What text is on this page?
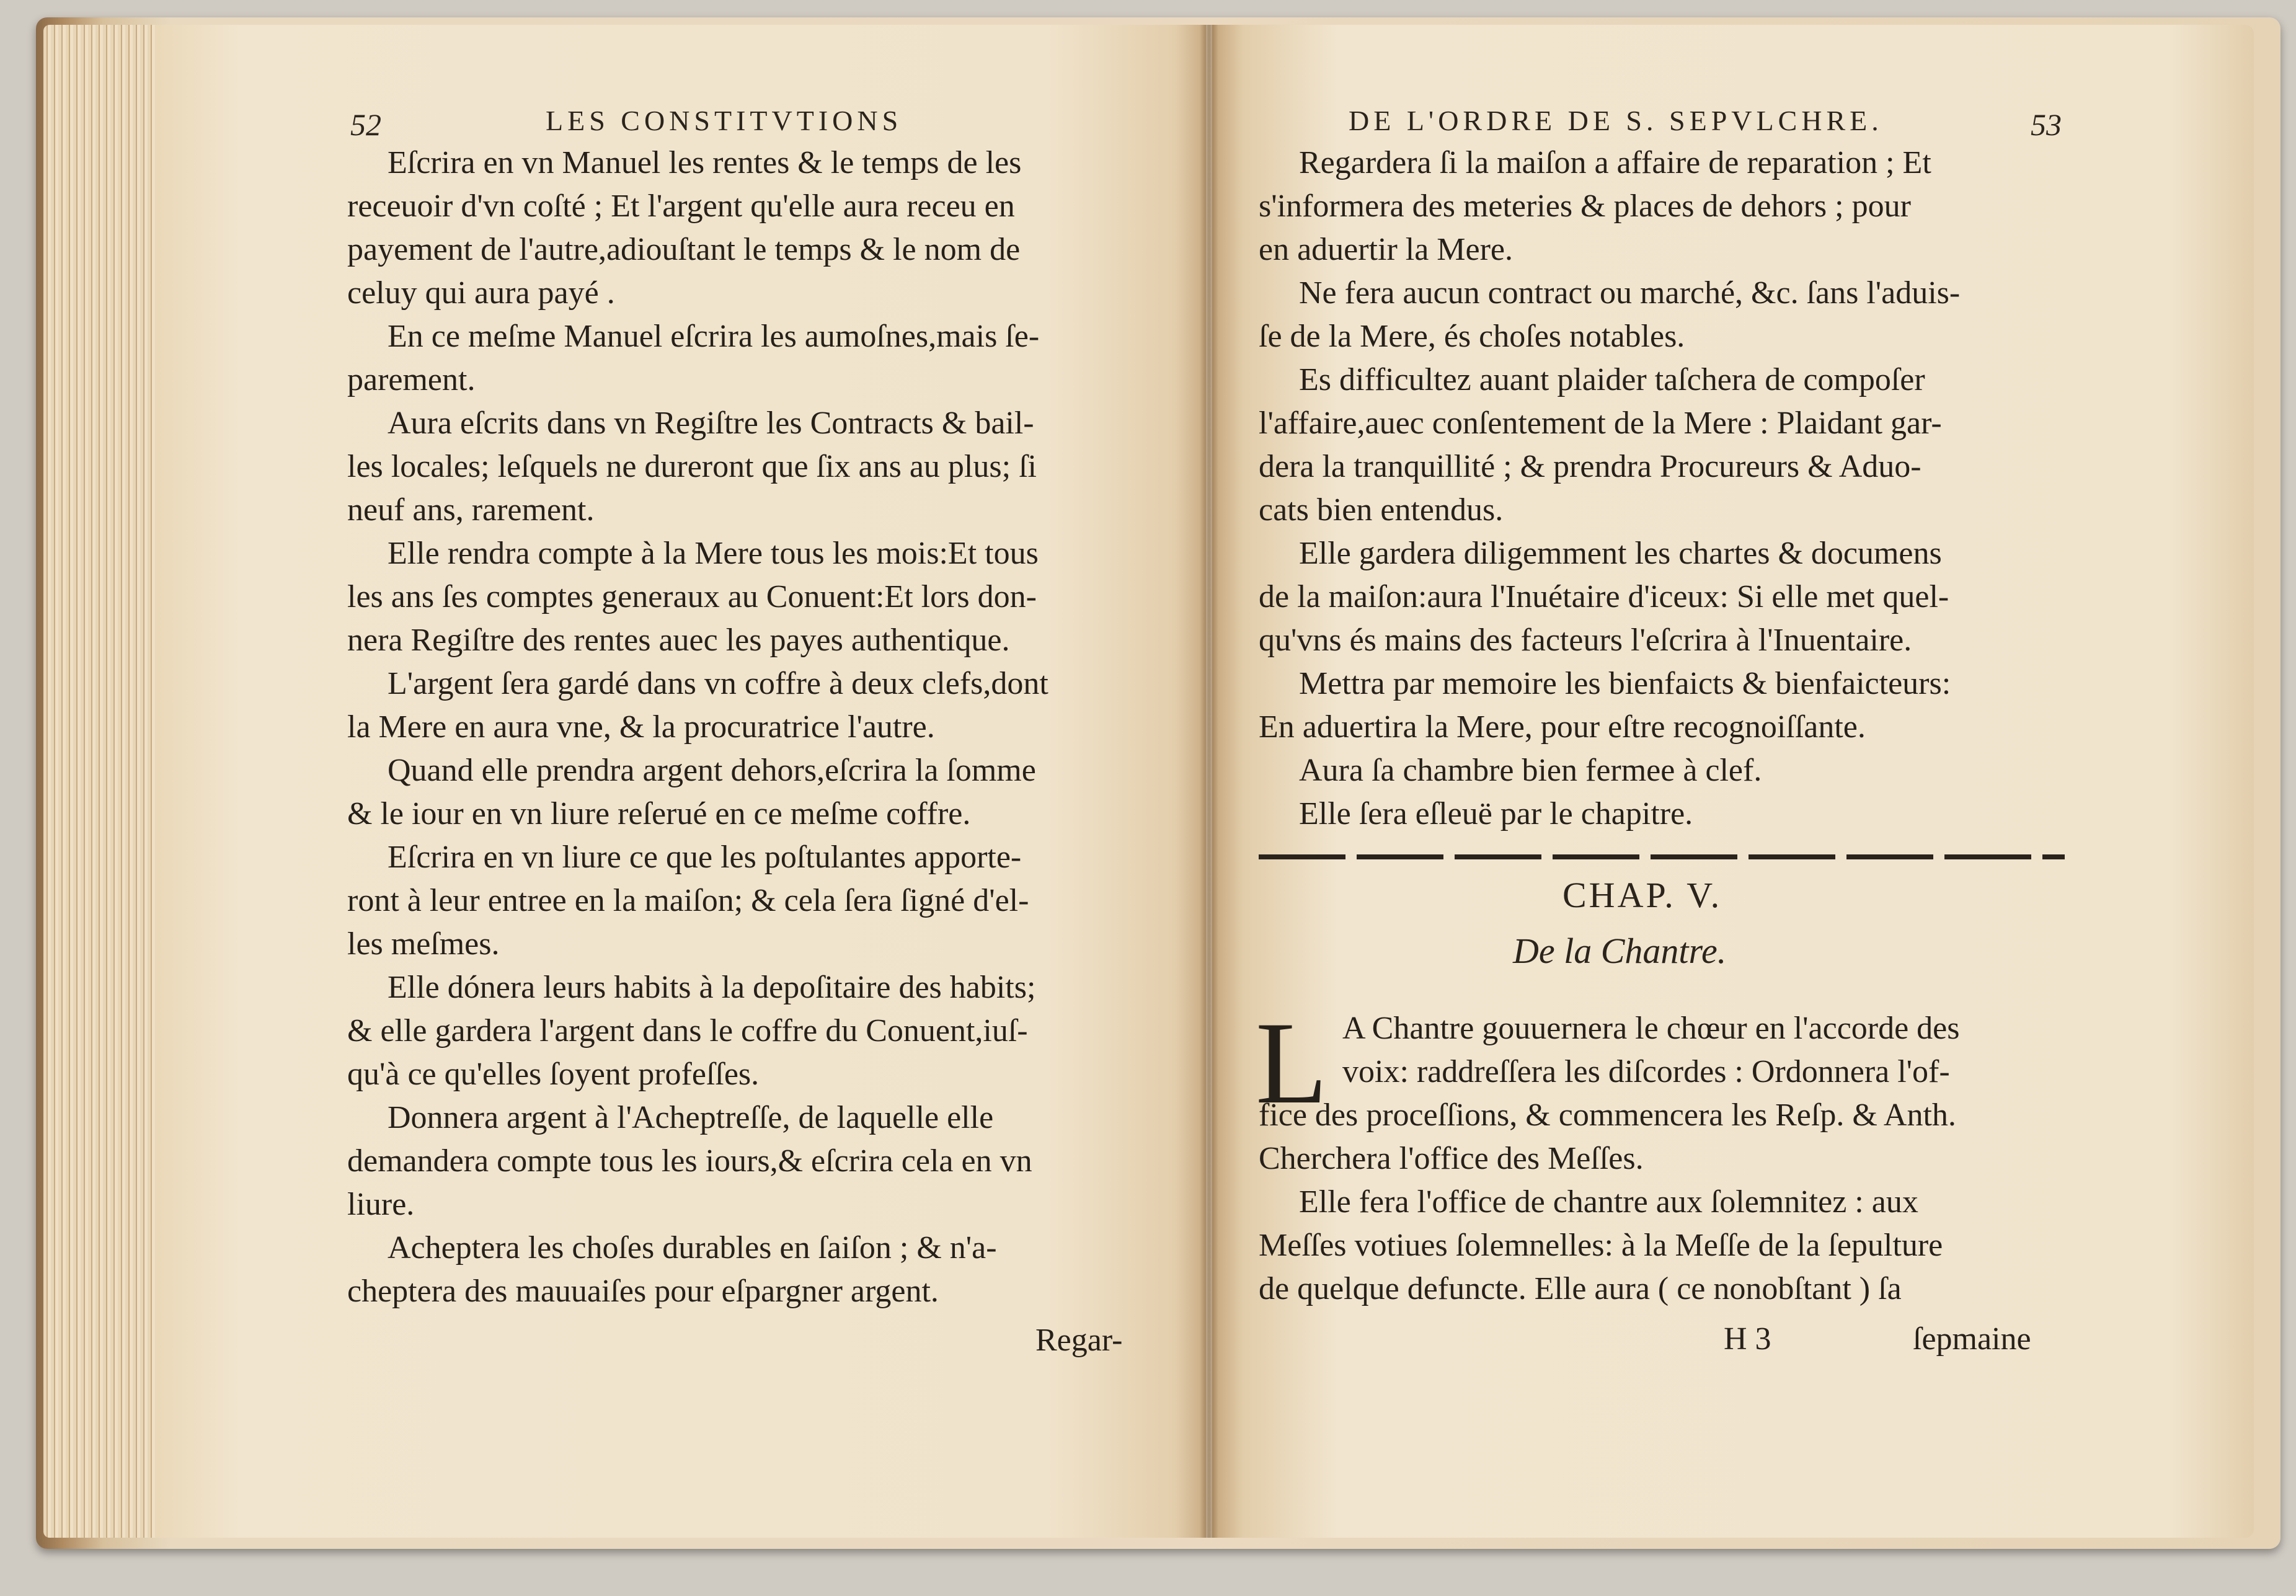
52	LES CONSTITVTIONS
Eſcrira en vn Manuel les rentes & le temps de les
receuoir d'vn coſté ; Et l'argent qu'elle aura receu en
payement de l'autre,adiouſtant le temps & le nom de
celuy qui aura payé .
En ce meſme Manuel eſcrira les aumoſnes,mais ſe-
parement.
Aura eſcrits dans vn Regiſtre les Contracts & bail-
les locales; leſquels ne dureront que ſix ans au plus; ſi
neuf ans, rarement.
Elle rendra compte à la Mere tous les mois:Et tous
les ans ſes comptes generaux au Conuent:Et lors don-
nera Regiſtre des rentes auec les payes authentique.
L'argent ſera gardé dans vn coffre à deux clefs,dont
la Mere en aura vne, & la procuratrice l'autre.
Quand elle prendra argent dehors,eſcrira la ſomme
& le iour en vn liure reſerué en ce meſme coffre.
Eſcrira en vn liure ce que les poſtulantes apporte-
ront à leur entree en la maiſon; & cela ſera ſigné d'el-
les meſmes.
Elle dónera leurs habits à la depoſitaire des habits;
& elle gardera l'argent dans le coffre du Conuent,iuſ-
qu'à ce qu'elles ſoyent profeſſes.
Donnera argent à l'Acheptreſſe, de laquelle elle
demandera compte tous les iours,& eſcrira cela en vn
liure.
Acheptera les choſes durables en ſaiſon ; & n'a-
cheptera des mauuaiſes pour eſpargner argent.
Regar-
DE L'ORDRE DE S. SEPVLCHRE.	53
Regardera ſi la maiſon a affaire de reparation ; Et
s'informera des meteries & places de dehors ; pour
en aduertir la Mere.
Ne fera aucun contract ou marché, &c. ſans l'aduis-
ſe de la Mere, és choſes notables.
Es difficultez auant plaider taſchera de compoſer
l'affaire,auec conſentement de la Mere : Plaidant gar-
dera la tranquillité ; & prendra Procureurs & Aduo-
cats bien entendus.
Elle gardera diligemment les chartes & documens
de la maiſon:aura l'Inuétaire d'iceux: Si elle met quel-
qu'vns és mains des facteurs l'eſcrira à l'Inuentaire.
Mettra par memoire les bienfaicts & bienfaicteurs:
En aduertira la Mere, pour eſtre recognoiſſante.
Aura ſa chambre bien fermee à clef.
Elle ſera eſleuë par le chapitre.
CHAP. V.
De la Chantre.
L A Chantre gouuernera le chœur en l'accorde des
voix: raddreſſera les diſcordes : Ordonnera l'of-
fice des proceſſions, & commencera les Reſp. & Anth.
Cherchera l'office des Meſſes.
Elle fera l'office de chantre aux ſolemnitez : aux
Meſſes votiues ſolemnelles: à la Meſſe de la ſepulture
de quelque defuncte. Elle aura ( ce nonobſtant ) ſa
H 3	ſepmaine
